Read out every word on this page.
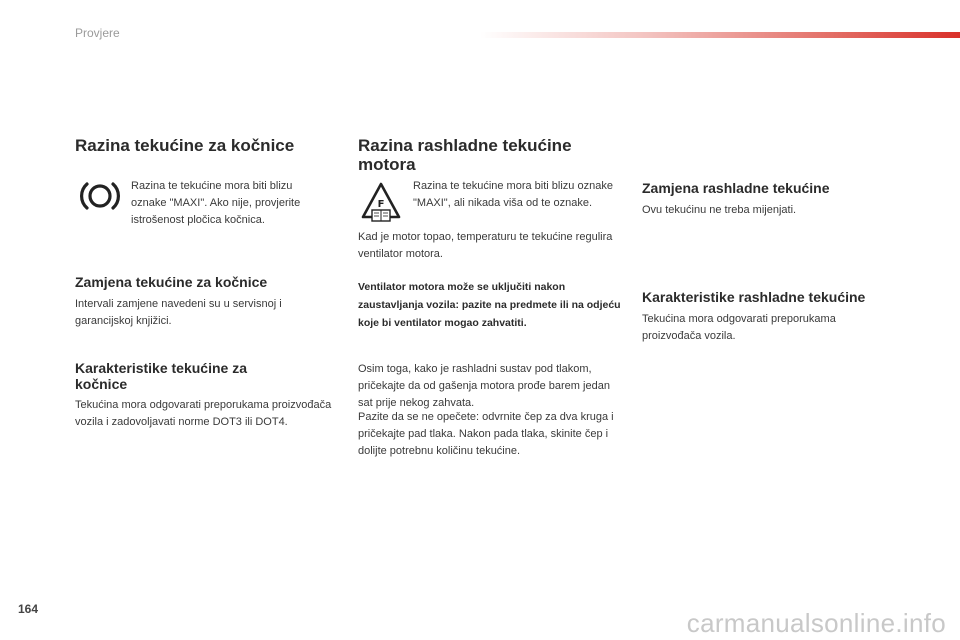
Provjere
Razina tekućine za kočnice
Razina te tekućine mora biti blizu oznake "MAXI". Ako nije, provjerite istrošenost pločica kočnica.
Zamjena tekućine za kočnice
Intervali zamjene navedeni su u servisnoj i garancijskoj knjižici.
Karakteristike tekućine za kočnice
Tekućina mora odgovarati preporukama proizvođača vozila i zadovoljavati norme DOT3 ili DOT4.
Razina rashladne tekućine motora
F
Razina te tekućine mora biti blizu oznake "MAXI", ali nikada viša od te oznake.
Kad je motor topao, temperaturu te tekućine regulira ventilator motora.
Ventilator motora može se uključiti nakon zaustavljanja vozila: pazite na predmete ili na odjeću koje bi ventilator mogao zahvatiti.
Osim toga, kako je rashladni sustav pod tlakom, pričekajte da od gašenja motora prođe barem jedan sat prije nekog zahvata.
Pazite da se ne opečete: odvrnite čep za dva kruga i pričekajte pad tlaka. Nakon pada tlaka, skinite čep i dolijte potrebnu količinu tekućine.
Zamjena rashladne tekućine
Ovu tekućinu ne treba mijenjati.
Karakteristike rashladne tekućine
Tekućina mora odgovarati preporukama proizvođača vozila.
164	carmanualsonline.info
